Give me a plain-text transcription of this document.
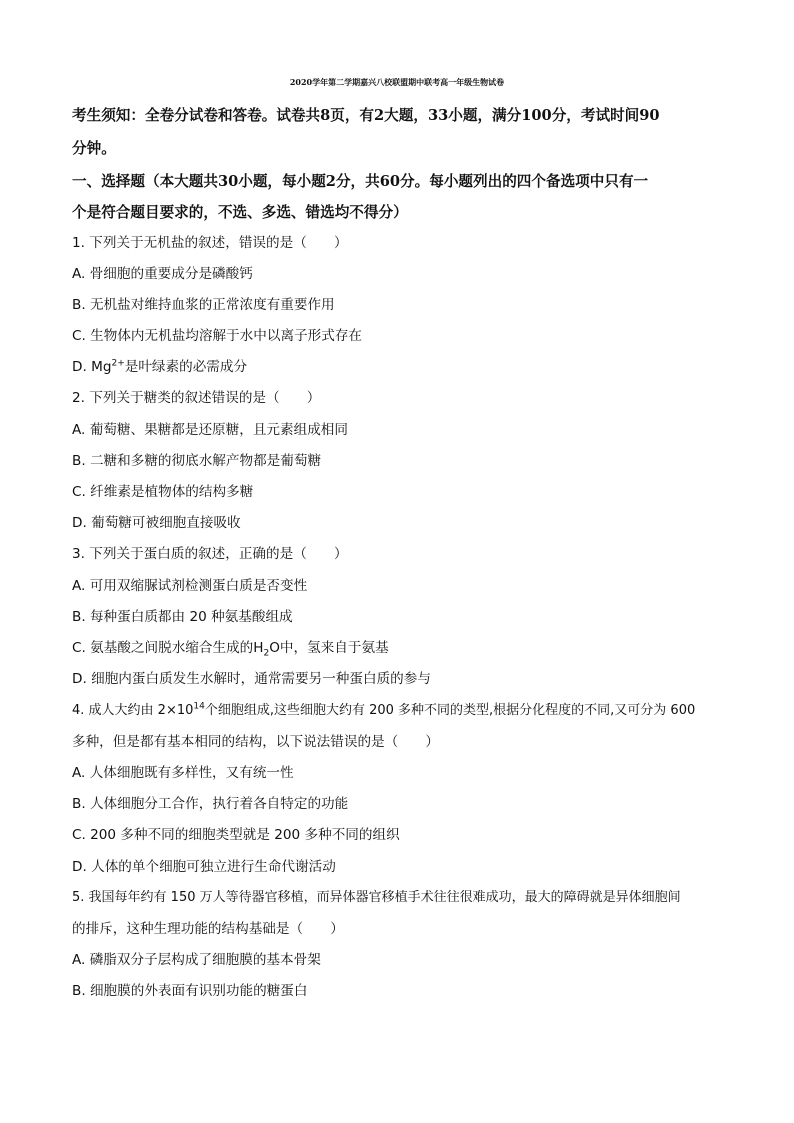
2020学年第二学期嘉兴八校联盟期中联考高一年级生物试卷
考生须知：全卷分试卷和答卷。试卷共8页，有2大题，33小题，满分100分，考试时间90
分钟。
一、选择题（本大题共30小题，每小题2分，共60分。每小题列出的四个备选项中只有一
个是符合题目要求的，不选、多选、错选均不得分）
1. 下列关于无机盐的叙述，错误的是（　　）
A. 骨细胞的重要成分是磷酸钙
B. 无机盐对维持血浆的正常浓度有重要作用
C. 生物体内无机盐均溶解于水中以离子形式存在
D. $Mg^{2+}$是叶绿素的必需成分
2. 下列关于糖类的叙述错误的是（　　）
A. 葡萄糖、果糖都是还原糖，且元素组成相同
B. 二糖和多糖的彻底水解产物都是葡萄糖
C. 纤维素是植物体的结构多糖
D. 葡萄糖可被细胞直接吸收
3. 下列关于蛋白质的叙述，正确的是（　　）
A. 可用双缩脲试剂检测蛋白质是否变性
B. 每种蛋白质都由 20 种氨基酸组成
C. 氨基酸之间脱水缩合生成的$H_2O$中，氢来自于氨基
D. 细胞内蛋白质发生水解时，通常需要另一种蛋白质的参与
4. 成人大约由 $2\times 10^{14}$个细胞组成,这些细胞大约有 200 多种不同的类型,根据分化程度的不同,又可分为 600
多种，但是都有基本相同的结构，以下说法错误的是（　　）
A. 人体细胞既有多样性，又有统一性
B. 人体细胞分工合作，执行着各自特定的功能
C. 200 多种不同的细胞类型就是 200 多种不同的组织
D. 人体的单个细胞可独立进行生命代谢活动
5. 我国每年约有 150 万人等待器官移植，而异体器官移植手术往往很难成功，最大的障碍就是异体细胞间
的排斥，这种生理功能的结构基础是（　　）
A. 磷脂双分子层构成了细胞膜的基本骨架
B. 细胞膜的外表面有识别功能的糖蛋白
